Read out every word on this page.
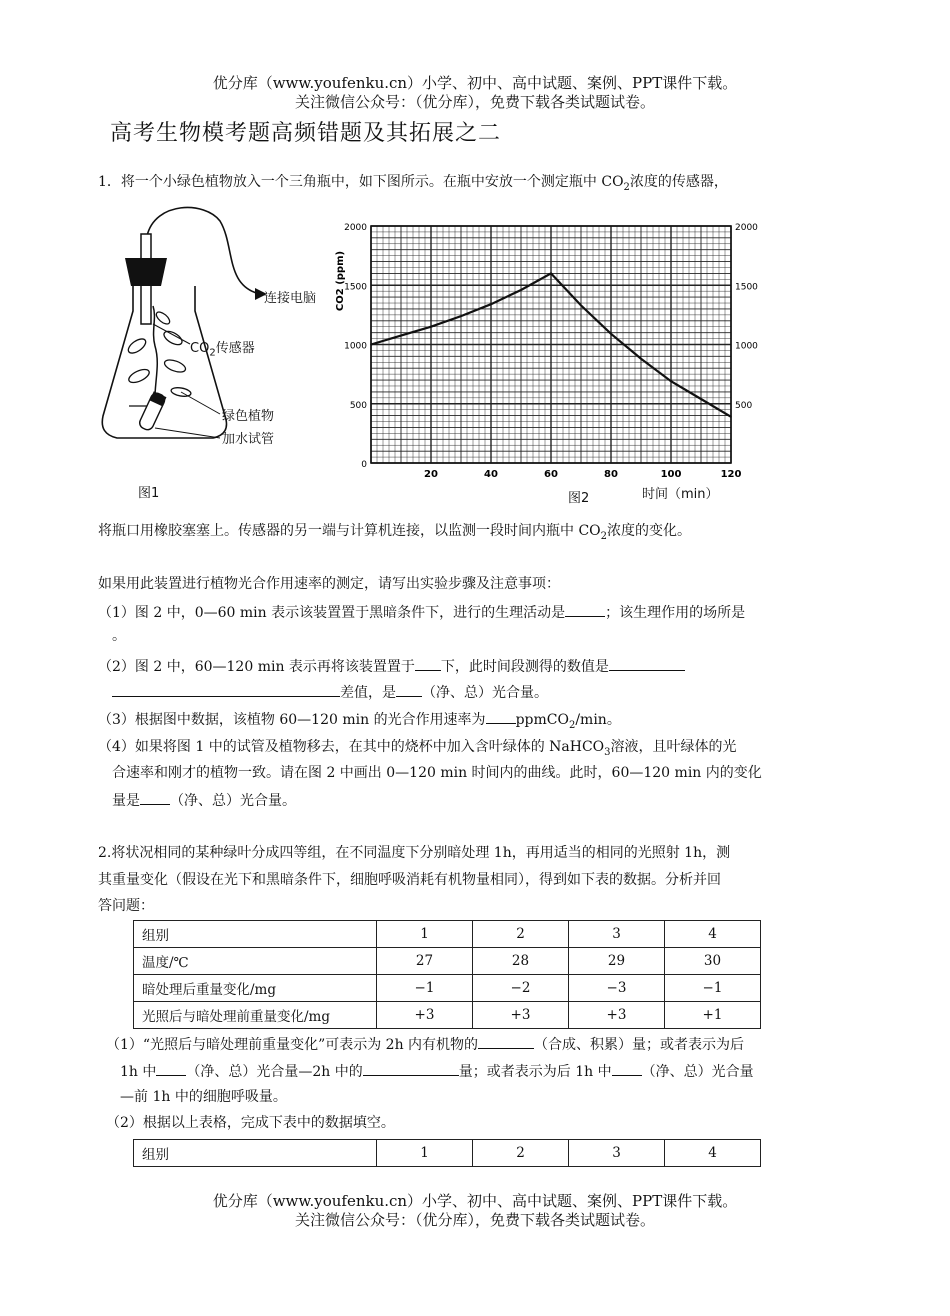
优分库（www.youfenku.cn）小学、初中、高中试题、案例、PPT课件下载。
关注微信公众号：（优分库），免费下载各类试题试卷。
高考生物模考题高频错题及其拓展之二
1．将一个小绿色植物放入一个三角瓶中，如下图所示。在瓶中安放一个测定瓶中 $CO_2$浓度的传感器，
连接电脑
$CO_2$传感器
绿色植物
加水试管
图1
20	40	60	80	100	120
0
500	500
1000	1000
1500	1500
2000	2000
CO2 (ppm)
图2	时间（min）
将瓶口用橡胶塞塞上。传感器的另一端与计算机连接，以监测一段时间内瓶中 $CO_2$浓度的变化。
如果用此装置进行植物光合作用速率的测定，请写出实验步骤及注意事项：
（1）图 2 中，0—60 min 表示该装置置于黑暗条件下，进行的生理活动是	；该生理作用的场所是
。
（2）图 2 中，60—120 min 表示再将该装置置于 下，此时间段测得的数值是
差值，是 （净、总）光合量。
（3）根据图中数据，该植物 60—120 min 的光合作用速率为 ppmCO$_2$/min。
（4）如果将图 1 中的试管及植物移去，在其中的烧杯中加入含叶绿体的 NaHCO$_3$溶液，且叶绿体的光
合速率和刚才的植物一致。请在图 2 中画出 0—120 min 时间内的曲线。此时，60—120 min 内的变化
量是 （净、总）光合量。
2.将状况相同的某种绿叶分成四等组，在不同温度下分别暗处理 1h，再用适当的相同的光照射 1h，测
其重量变化（假设在光下和黑暗条件下，细胞呼吸消耗有机物量相同），得到如下表的数据。分析并回
答问题：
组别	1	2	3	4
温度/℃	27	28	29	30
暗处理后重量变化/mg	−1	−2	−3	−1
光照后与暗处理前重量变化/mg	+3	+3	+3	+1
（1）“光照后与暗处理前重量变化”可表示为 2h 内有机物的	（合成、积累）量；或者表示为后
1h 中 （净、总）光合量—2h 中的	量；或者表示为后 1h 中 （净、总）光合量
—前 1h 中的细胞呼吸量。
（2）根据以上表格，完成下表中的数据填空。
组别	1	2	3	4
优分库（www.youfenku.cn）小学、初中、高中试题、案例、PPT课件下载。
关注微信公众号：（优分库），免费下载各类试题试卷。
